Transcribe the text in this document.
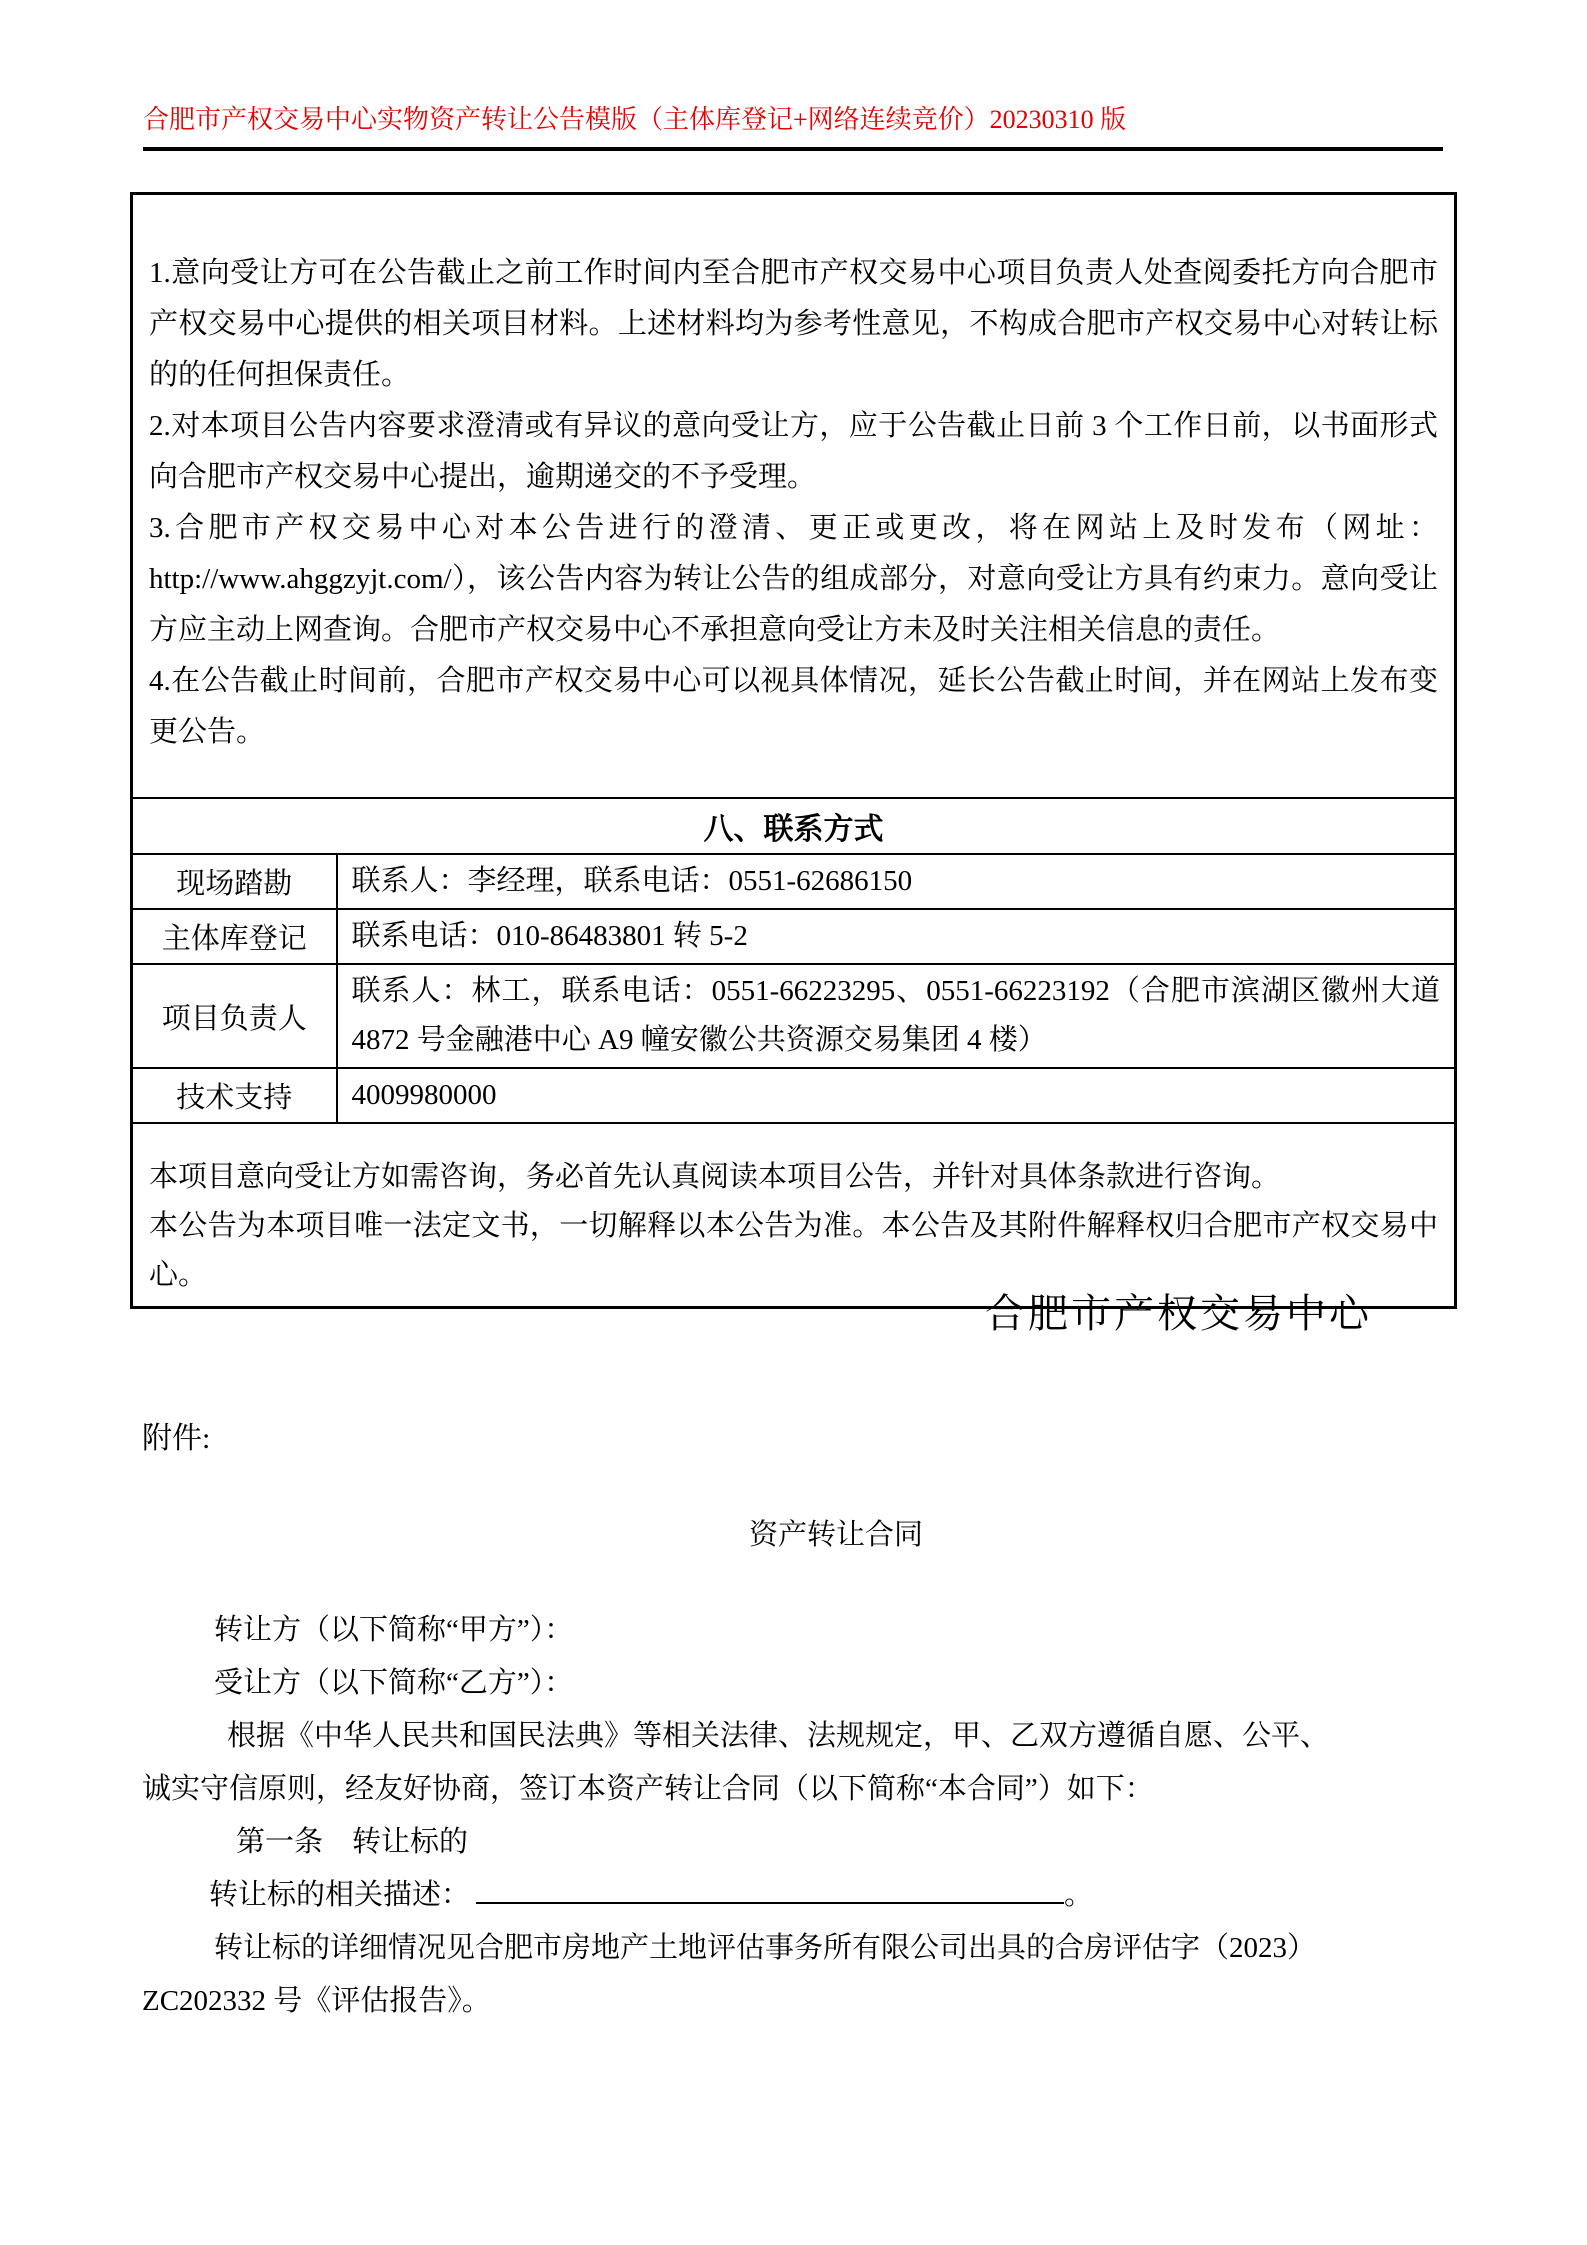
合肥市产权交易中心实物资产转让公告模版（主体库登记+网络连续竞价）20230310 版
1.意向受让方可在公告截止之前工作时间内至合肥市产权交易中心项目负责人处查阅委托方向合肥市产权交易中心提供的相关项目材料。上述材料均为参考性意见，不构成合肥市产权交易中心对转让标的的任何担保责任。
2.对本项目公告内容要求澄清或有异议的意向受让方，应于公告截止日前 3 个工作日前，以书面形式向合肥市产权交易中心提出，逾期递交的不予受理。
3.合肥市产权交易中心对本公告进行的澄清、更正或更改，将在网站上及时发布（网址：http://www.ahggzyjt.com/），该公告内容为转让公告的组成部分，对意向受让方具有约束力。意向受让方应主动上网查询。合肥市产权交易中心不承担意向受让方未及时关注相关信息的责任。
4.在公告截止时间前，合肥市产权交易中心可以视具体情况，延长公告截止时间，并在网站上发布变更公告。	

八、联系方式	
现场踏勘	联系人：李经理，联系电话：0551-62686150
主体库登记	联系电话：010-86483801 转 5-2
项目负责人	联系人：林工，联系电话：0551-66223295、0551-66223192（合肥市滨湖区徽州大道 4872 号金融港中心 A9 幢安徽公共资源交易集团 4 楼）
技术支持	4009980000

本项目意向受让方如需咨询，务必首先认真阅读本项目公告，并针对具体条款进行咨询。
本公告为本项目唯一法定文书，一切解释以本公告为准。本公告及其附件解释权归合肥市产权交易中心。	
合肥市产权交易中心
附件:
资产转让合同
转让方（以下简称“甲方”）：
受让方（以下简称“乙方”）：
根据《中华人民共和国民法典》等相关法律、法规规定，甲、乙双方遵循自愿、公平、
诚实守信原则，经友好协商，签订本资产转让合同（以下简称“本合同”）如下：
第一条　转让标的
转让标的相关描述：	。
转让标的详细情况见合肥市房地产土地评估事务所有限公司出具的合房评估字（2023）
ZC202332 号《评估报告》。
